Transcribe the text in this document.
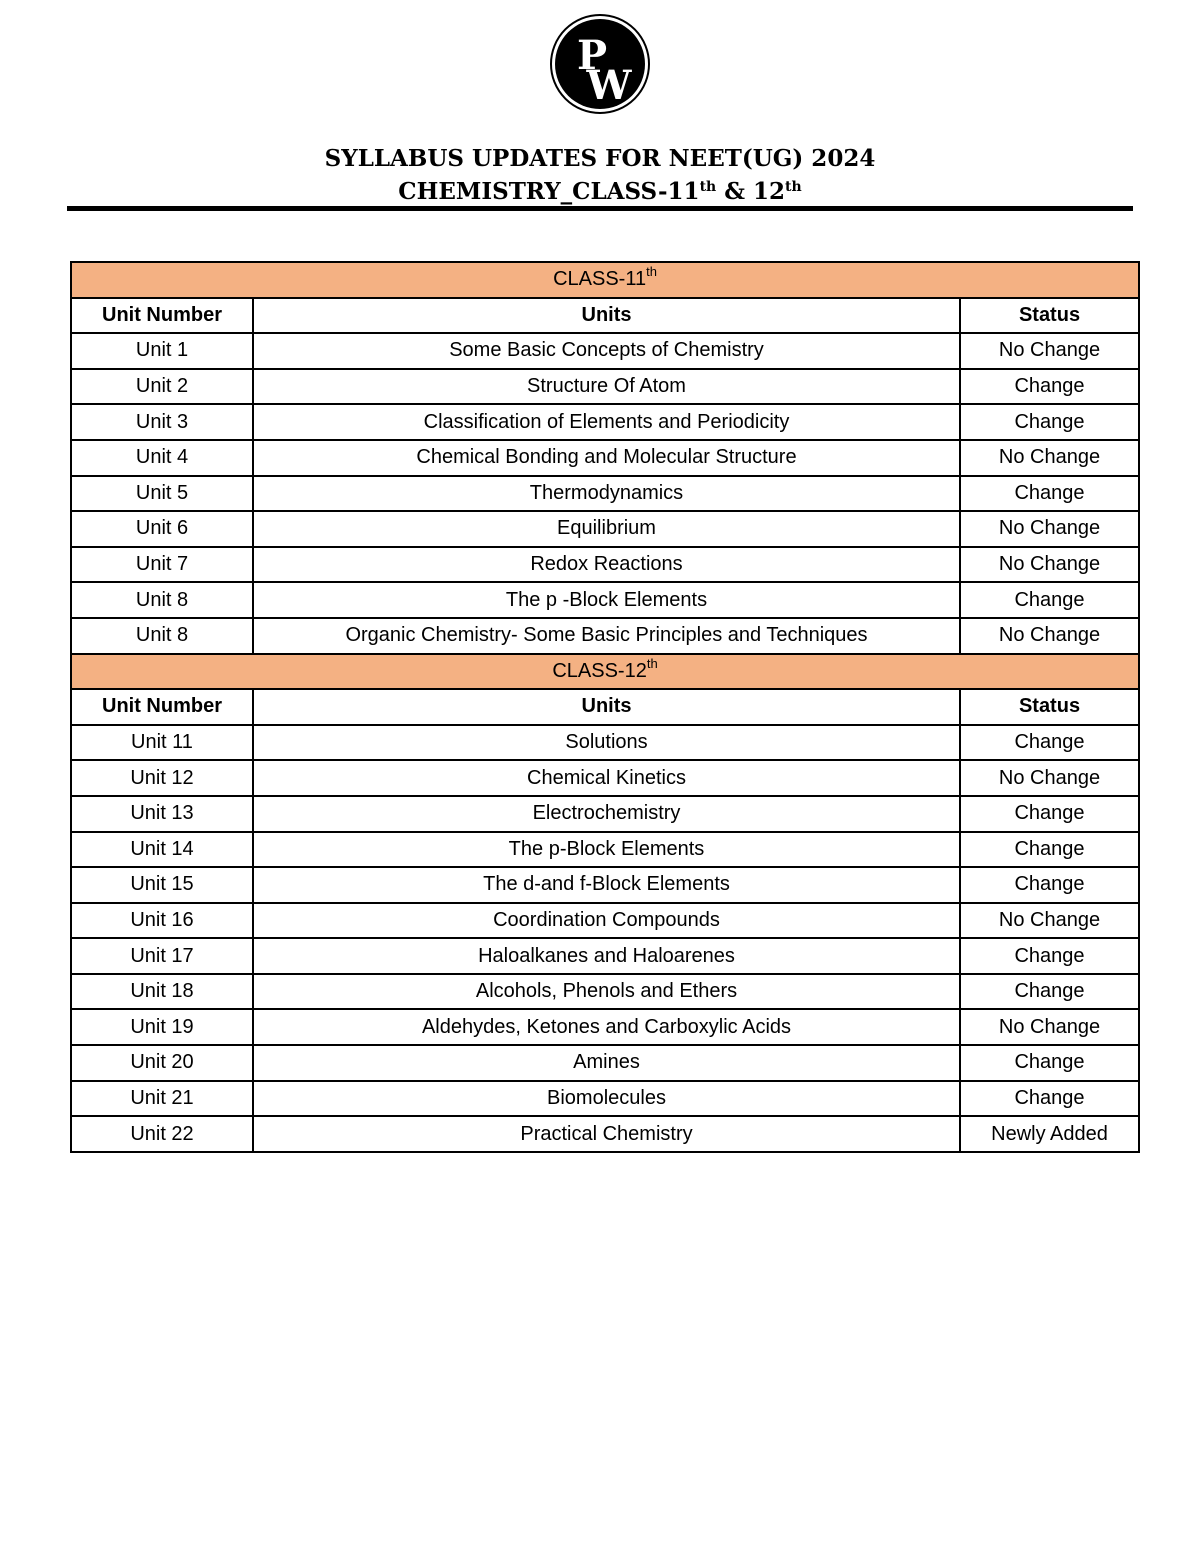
P
W
SYLLABUS UPDATES FOR NEET(UG) 2024
CHEMISTRY_CLASS-11th & 12th
CLASS-11th
Unit Number	Units	Status
Unit 1	Some Basic Concepts of Chemistry	No Change
Unit 2	Structure Of Atom	Change
Unit 3	Classification of Elements and Periodicity	Change
Unit 4	Chemical Bonding and Molecular Structure	No Change
Unit 5	Thermodynamics	Change
Unit 6	Equilibrium	No Change
Unit 7	Redox Reactions	No Change
Unit 8	The p -Block Elements	Change
Unit 8	Organic Chemistry- Some Basic Principles and Techniques	No Change
CLASS-12th
Unit Number	Units	Status
Unit 11	Solutions	Change
Unit 12	Chemical Kinetics	No Change
Unit 13	Electrochemistry	Change
Unit 14	The p-Block Elements	Change
Unit 15	The d-and f-Block Elements	Change
Unit 16	Coordination Compounds	No Change
Unit 17	Haloalkanes and Haloarenes	Change
Unit 18	Alcohols, Phenols and Ethers	Change
Unit 19	Aldehydes, Ketones and Carboxylic Acids	No Change
Unit 20	Amines	Change
Unit 21	Biomolecules	Change
Unit 22	Practical Chemistry	Newly Added
